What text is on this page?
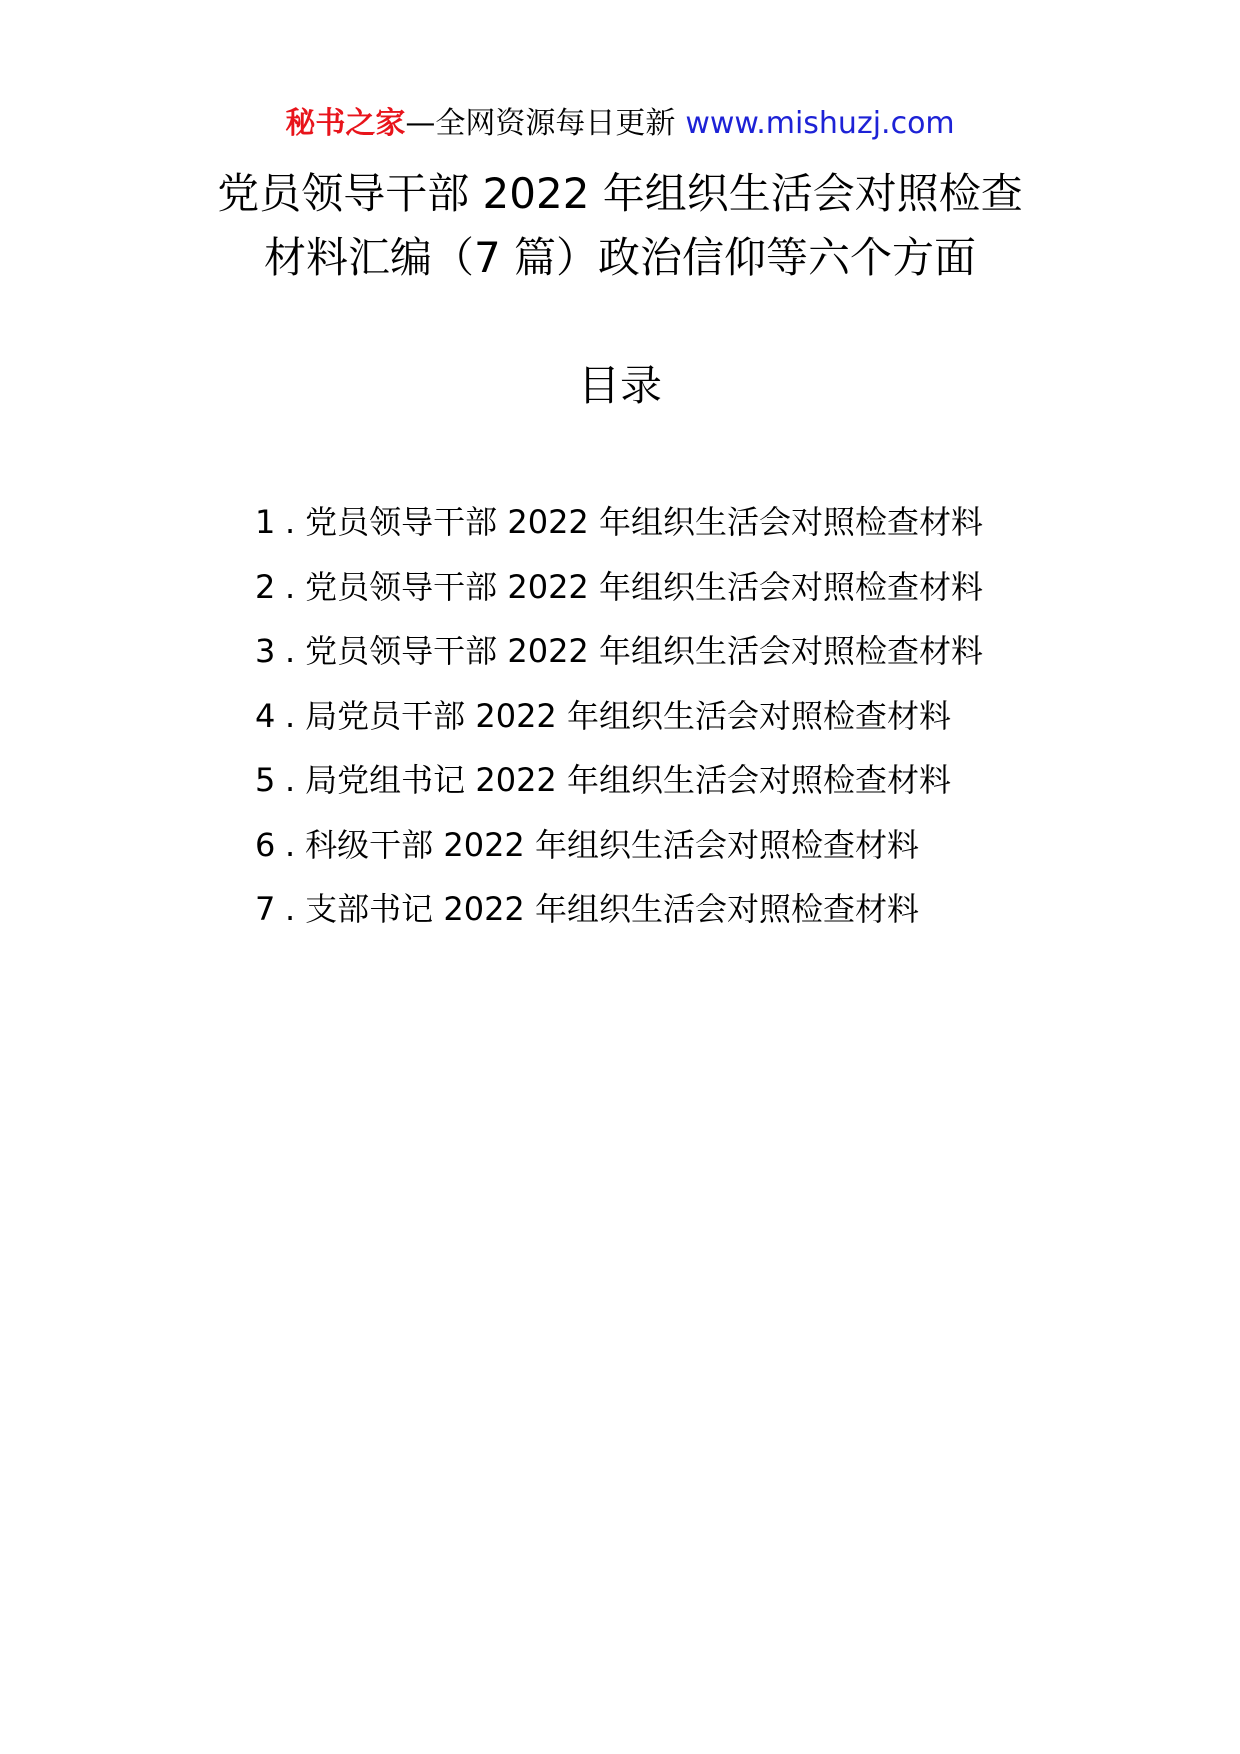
秘书之家—全网资源每日更新 www.mishuzj.com
党员领导干部 2022 年组织生活会对照检查
材料汇编（7 篇）政治信仰等六个方面
目录
1 . 党员领导干部 2022 年组织生活会对照检查材料
2 . 党员领导干部 2022 年组织生活会对照检查材料
3 . 党员领导干部 2022 年组织生活会对照检查材料
4 . 局党员干部 2022 年组织生活会对照检查材料
5 . 局党组书记 2022 年组织生活会对照检查材料
6 . 科级干部 2022 年组织生活会对照检查材料
7 . 支部书记 2022 年组织生活会对照检查材料
